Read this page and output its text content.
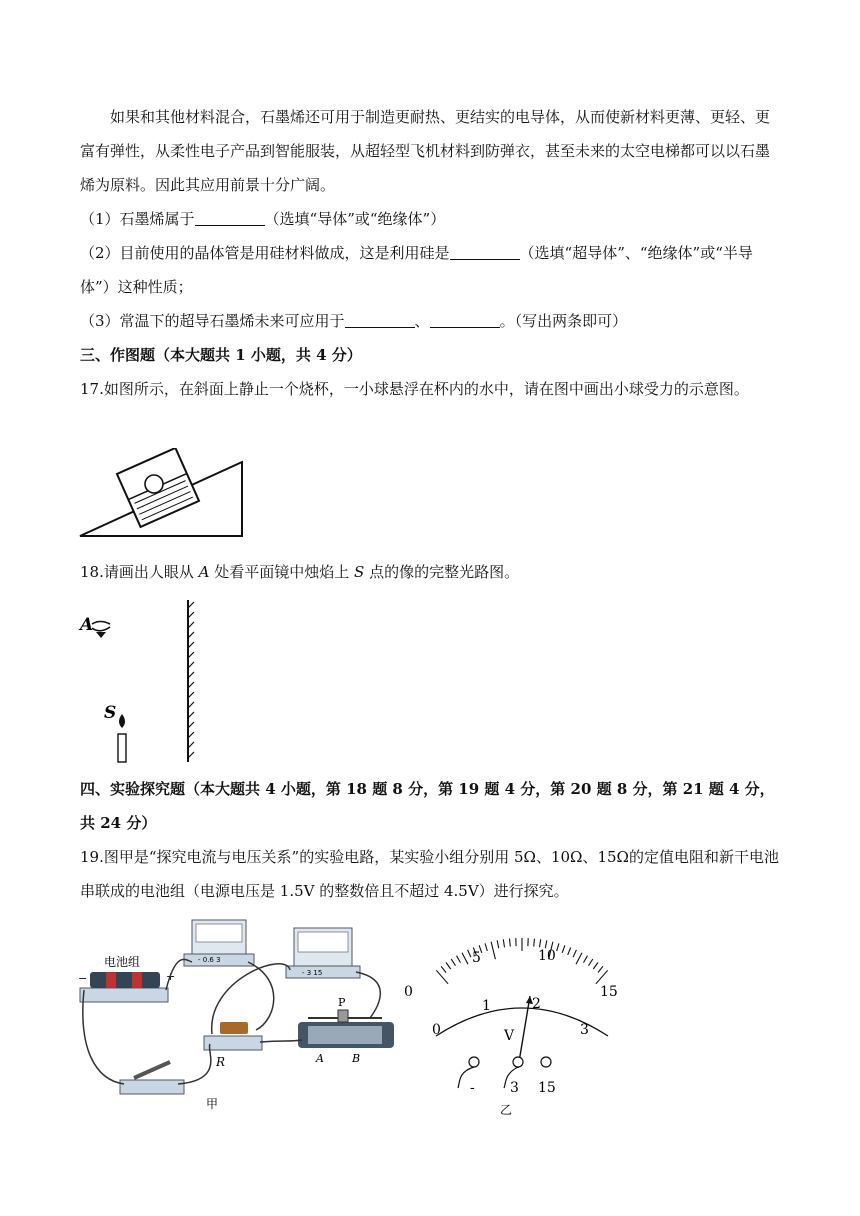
如果和其他材料混合，石墨烯还可用于制造更耐热、更结实的电导体，从而使新材料更薄、更轻、更富有弹性，从柔性电子产品到智能服装，从超轻型飞机材料到防弹衣，甚至未来的太空电梯都可以以石墨烯为原料。因此其应用前景十分广阔。

（1）石墨烯属于	（选填“导体”或“绝缘体”）

（2）目前使用的晶体管是用硅材料做成，这是利用硅是	（选填“超导体”、“绝缘体”或“半导体”）这种性质；

（3）常温下的超导石墨烯未来可应用于	、	。（写出两条即可）

三、作图题（本大题共 1 小题，共 4 分）

17.如图所示，在斜面上静止一个烧杯，一小球悬浮在杯内的水中，请在图中画出小球受力的示意图。

18.请画出人眼从 A 处看平面镜中烛焰上 S 点的像的完整光路图。

A
S

四、实验探究题（本大题共 4 小题，第 18 题 8 分，第 19 题 4 分，第 20 题 8 分，第 21 题 4 分，共 24 分）

19.图甲是“探究电流与电压关系”的实验电路，某实验小组分别用 5Ω、10Ω、15Ω的定值电阻和新干电池串联成的电池组（电源电压是 1.5V 的整数倍且不超过 4.5V）进行探究。

电池组
−	+
- 0.6 3
- 3 15
R
P
A	B
甲
0
5	10
15
0
1	2
3
V
-	3 15
乙
